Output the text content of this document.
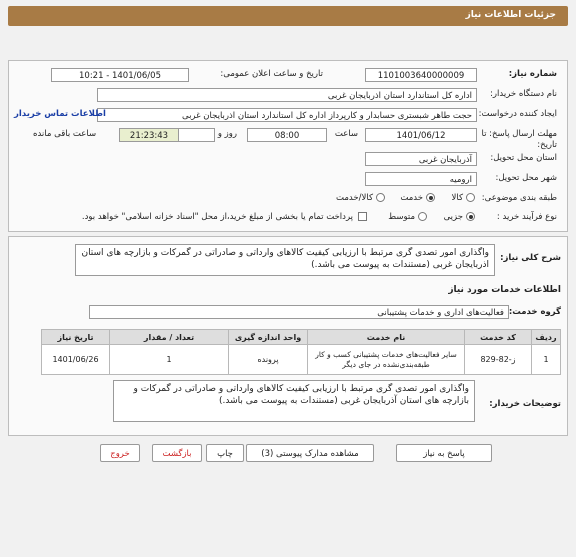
جزئیات اطلاعات نیاز
شماره نیاز:
1101003640000009
تاریخ و ساعت اعلان عمومی:
1401/06/05 - 10:21
نام دستگاه خریدار:
اداره کل استاندارد استان اذربایجان غربی
ایجاد کننده درخواست:
حجت طاهر شبستری حسابدار و کارپرداز اداره کل استاندارد استان اذربایجان غربی
اطلاعات تماس خریدار
مهلت ارسال پاسخ: تا تاریخ:
1401/06/12
ساعت
08:00
روز و
21:23:43
ساعت باقی مانده
استان محل تحویل:
آذربایجان غربی
شهر محل تحویل:
ارومیه
طبقه بندی موضوعی:
کالا
خدمت
کالا/خدمت
نوع فرآیند خرید :
جزیی
متوسط
پرداخت تمام یا بخشی از مبلغ خرید،از محل "اسناد خزانه اسلامی" خواهد بود.
شرح کلی نیاز:
واگذاری امور تصدی گری مرتبط با ارزیابی کیفیت کالاهای وارداتی و صادراتی در گمرکات و بازارچه های استان اذربایجان غربی (مستندات به پیوست می باشد.)
اطلاعات خدمات مورد نیاز
گروه خدمت:
فعالیت‌های اداری و خدمات پشتیبانی
ردیف	کد خدمت	نام خدمت	واحد اندازه گیری	تعداد / مقدار	تاریخ نیاز
1	ز-82-829	سایر فعالیت‌های خدمات پشتیبانی کسب و کار طبقه‌بندی‌نشده در جای دیگر	پرونده	1	1401/06/26
توضیحات خریدار:
واگذاری امور تصدی گری مرتبط با ارزیابی کیفیت کالاهای وارداتی و صادراتی در گمرکات و بازارچه های استان آذربایجان غربی (مستندات به پیوست می باشد.)
پاسخ به نیاز
مشاهده مدارک پیوستی (3)
چاپ
بازگشت
خروج
